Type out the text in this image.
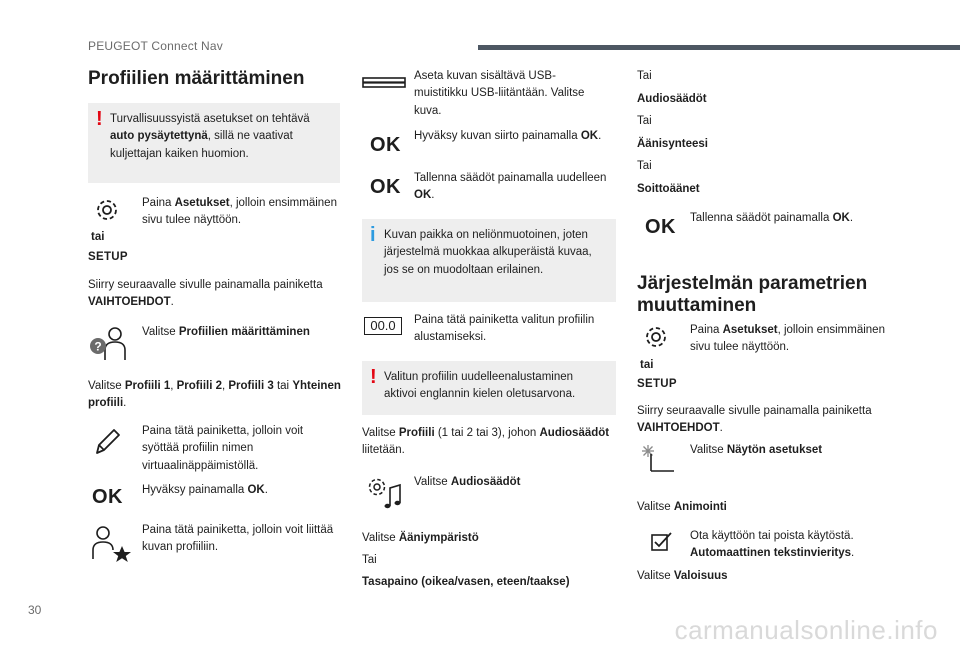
PEUGEOT Connect Nav
Profiilien määrittäminen
! Turvallisuussyistä asetukset on tehtävä auto pysäytettynä, sillä ne vaativat kuljettajan kaiken huomion.
tai
SETUP
Paina Asetukset, jolloin ensimmäinen sivu tulee näyttöön.
Siirry seuraavalle sivulle painamalla painiketta VAIHTOEHDOT.
?
Valitse Profiilien määrittäminen
Valitse Profiili 1, Profiili 2, Profiili 3 tai Yhteinen profiili.
Paina tätä painiketta, jolloin voit syöttää profiilin nimen virtuaalinäppäimistöllä.
OK Hyväksy painamalla OK.
Paina tätä painiketta, jolloin voit liittää kuvan profiiliin.
Aseta kuvan sisältävä USB-muistitikku USB-liitäntään. Valitse kuva.
OK Hyväksy kuvan siirto painamalla OK.
OK Tallenna säädöt painamalla uudelleen OK.
i Kuvan paikka on neliönmuotoinen, joten järjestelmä muokkaa alkuperäistä kuvaa, jos se on muodoltaan erilainen.
00.0	Paina tätä painiketta valitun profiilin alustamiseksi.
! Valitun profiilin uudelleenalustaminen aktivoi englannin kielen oletusarvona.
Valitse Profiili (1 tai 2 tai 3), johon Audiosäädöt liitetään.
Valitse Audiosäädöt
Valitse Ääniympäristö
Tai
Tasapaino (oikea/vasen, eteen/taakse)
Tai
Audiosäädöt
Tai
Äänisynteesi
Tai
Soittoäänet
OK Tallenna säädöt painamalla OK.
Järjestelmän parametrien muuttaminen
tai
SETUP
Paina Asetukset, jolloin ensimmäinen sivu tulee näyttöön.
Siirry seuraavalle sivulle painamalla painiketta VAIHTOEHDOT.
Valitse Näytön asetukset
Valitse Animointi
Ota käyttöön tai poista käytöstä. Automaattinen tekstinvieritys.
Valitse Valoisuus
30
carmanualsonline.info
